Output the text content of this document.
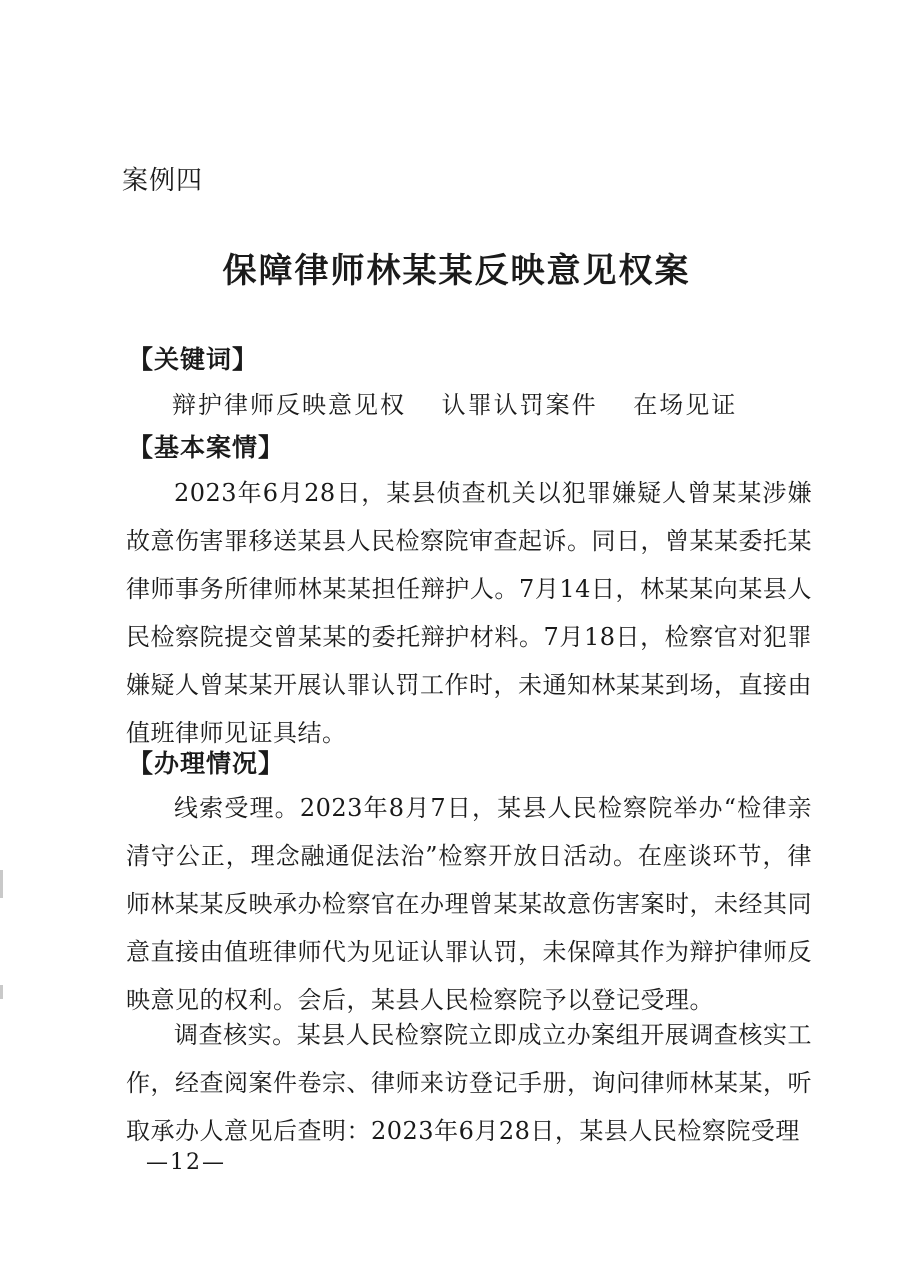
案例四
保障律师林某某反映意见权案
【关键词】
辩护律师反映意见权 认罪认罚案件 在场见证
【基本案情】
2023年6月28日，某县侦查机关以犯罪嫌疑人曾某某涉嫌故意伤害罪移送某县人民检察院审查起诉。同日，曾某某委托某律师事务所律师林某某担任辩护人。7月14日，林某某向某县人民检察院提交曾某某的委托辩护材料。7月18日，检察官对犯罪嫌疑人曾某某开展认罪认罚工作时，未通知林某某到场，直接由值班律师见证具结。
【办理情况】
线索受理。2023年8月7日，某县人民检察院举办“检律亲清守公正，理念融通促法治”检察开放日活动。在座谈环节，律师林某某反映承办检察官在办理曾某某故意伤害案时，未经其同意直接由值班律师代为见证认罪认罚，未保障其作为辩护律师反映意见的权利。会后，某县人民检察院予以登记受理。
调查核实。某县人民检察院立即成立办案组开展调查核实工作，经查阅案件卷宗、律师来访登记手册，询问律师林某某，听取承办人意见后查明：2023年6月28日，某县人民检察院受理
—12—
